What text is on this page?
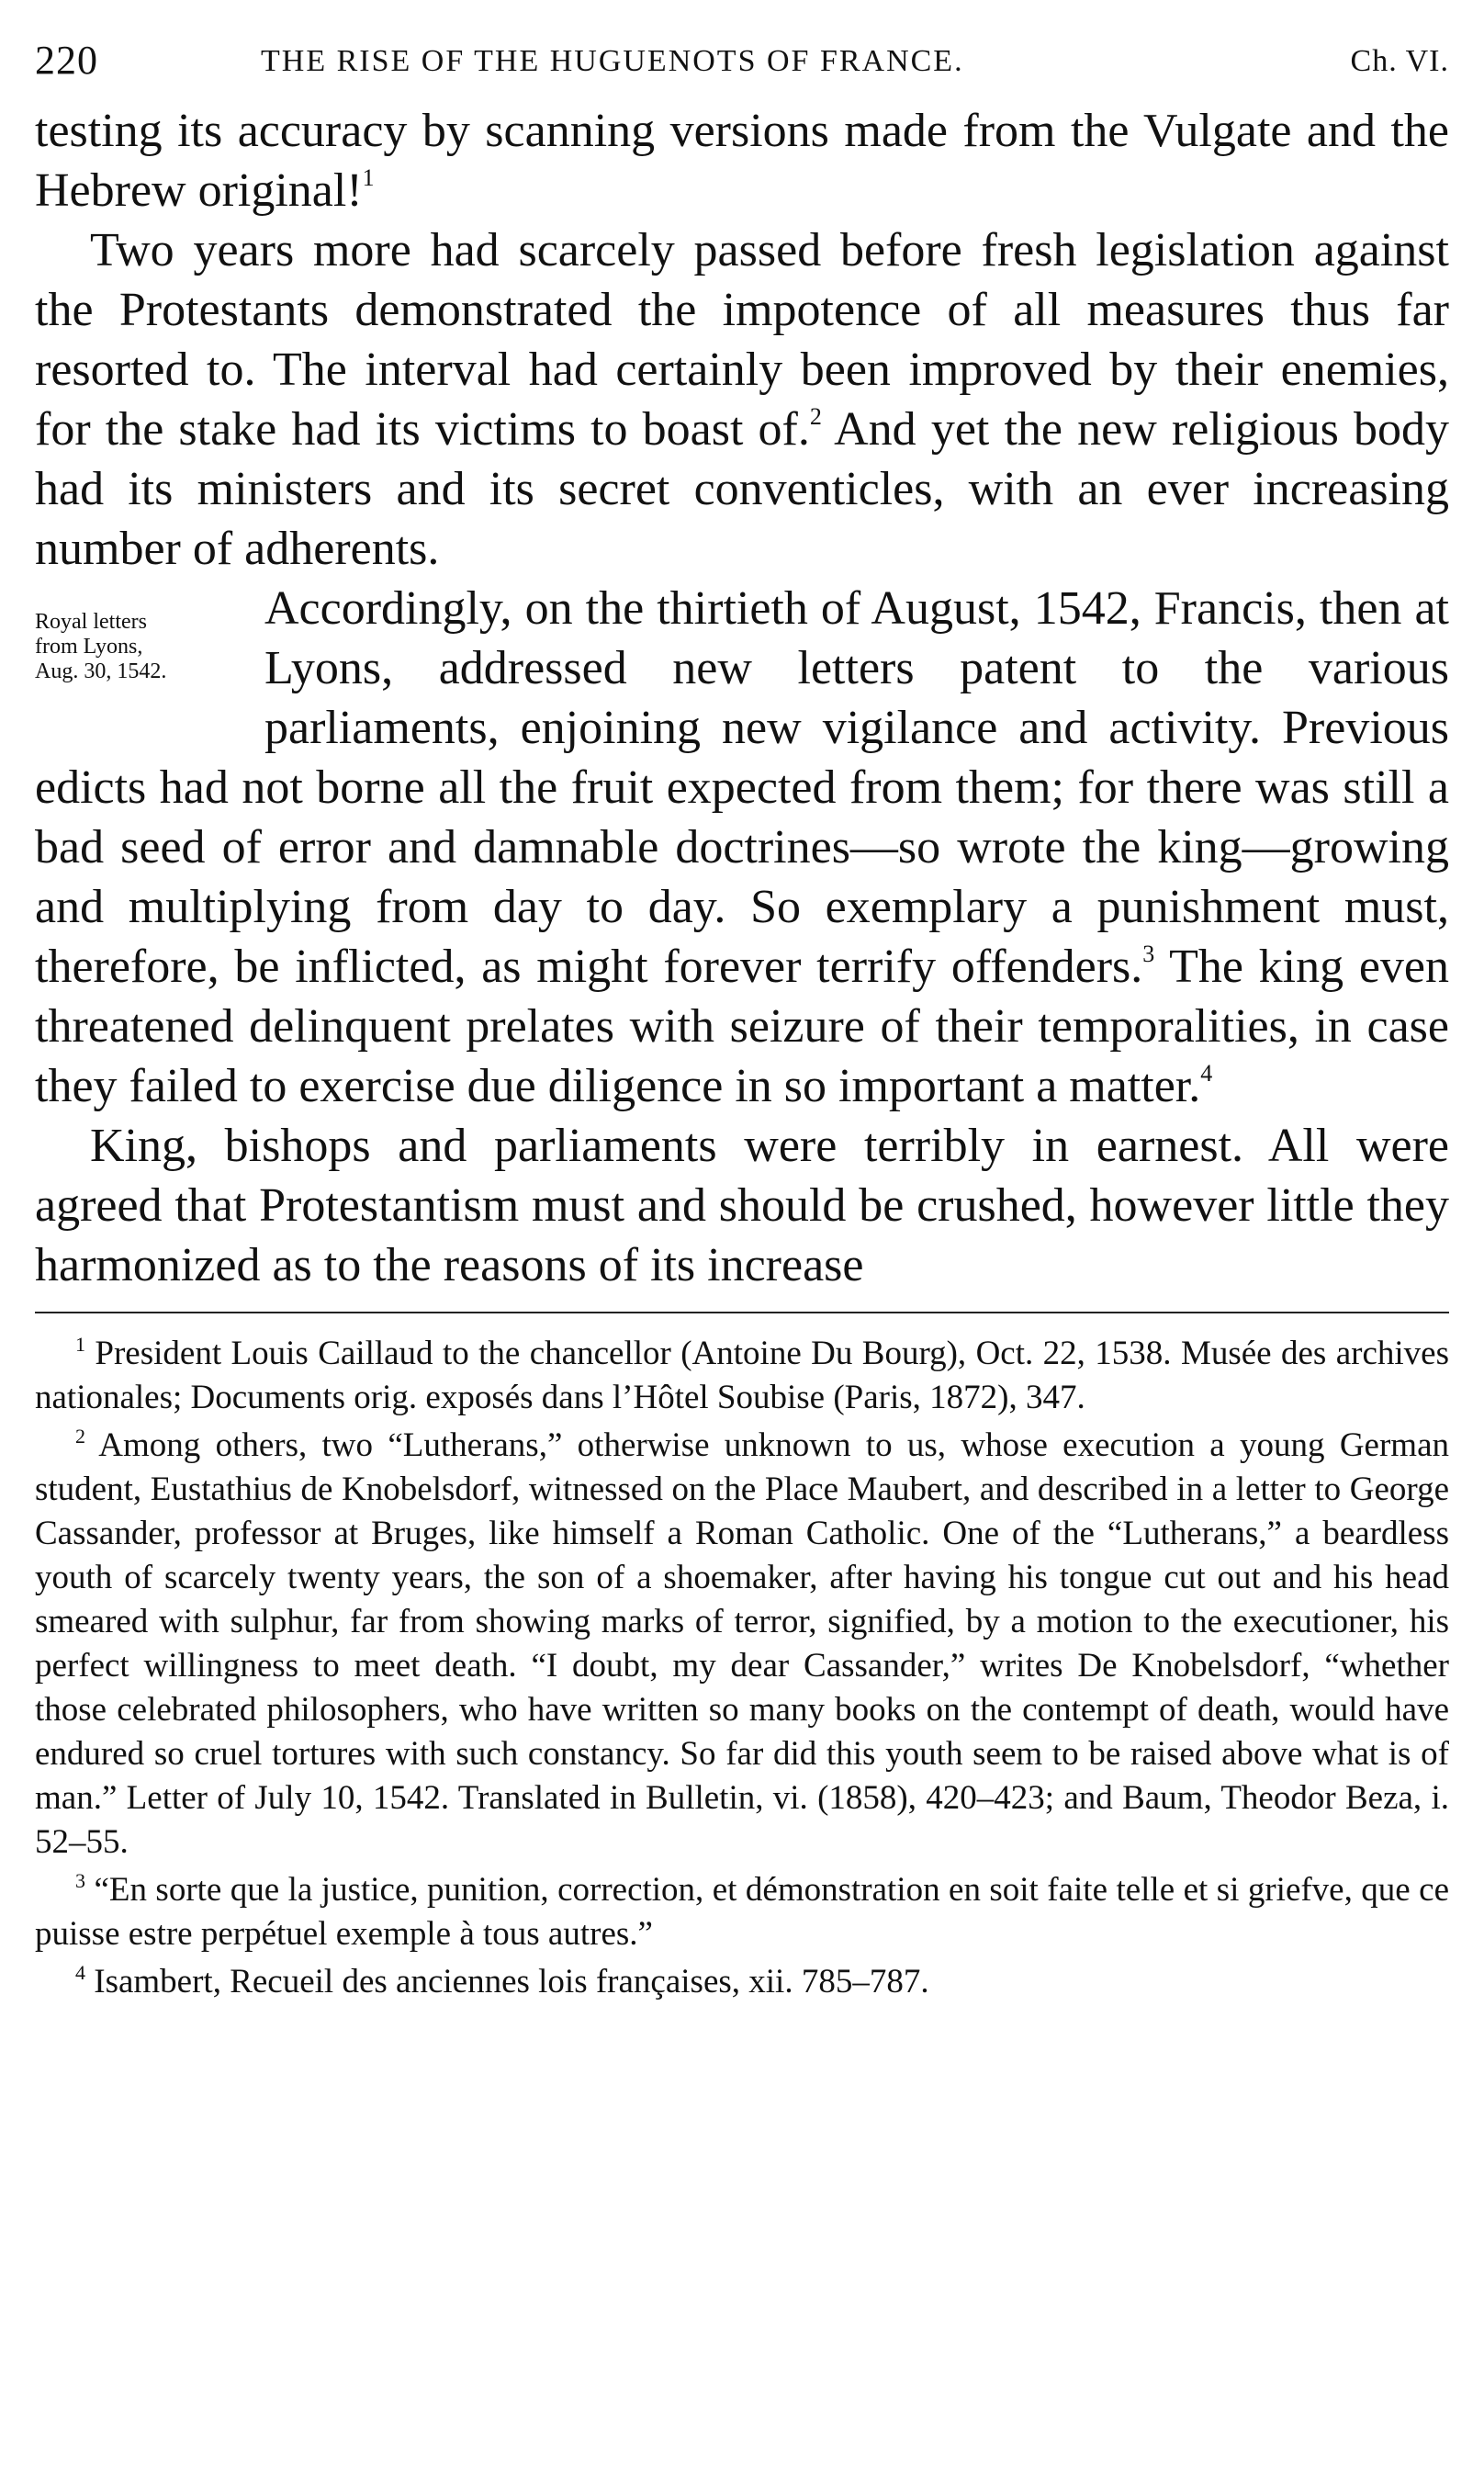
220	THE RISE OF THE HUGUENOTS OF FRANCE.	Ch. VI.

testing its accuracy by scanning versions made from the Vulgate and the Hebrew original!$^1$

Two years more had scarcely passed before fresh legislation against the Protestants demonstrated the impotence of all measures thus far resorted to. The interval had certainly been improved by their enemies, for the stake had its victims to boast of.$^2$ And yet the new religious body had its ministers and its secret conventicles, with an ever increasing number of adherents.

Royal letters
from Lyons,
Aug. 30, 1542.

Accordingly, on the thirtieth of August, 1542, Francis, then at Lyons, addressed new letters patent to the various parliaments, enjoining new vigilance and activity. Previous edicts had not borne all the fruit expected from them; for there was still a bad seed of error and damnable doctrines—so wrote the king—growing and multiplying from day to day. So exemplary a punishment must, therefore, be inflicted, as might forever terrify offenders.$^3$ The king even threatened delinquent prelates with seizure of their temporalities, in case they failed to exercise due diligence in so important a matter.$^4$

King, bishops and parliaments were terribly in earnest. All were agreed that Protestantism must and should be crushed, however little they harmonized as to the reasons of its increase

$^1$ President Louis Caillaud to the chancellor (Antoine Du Bourg), Oct. 22, 1538. Musée des archives nationales; Documents orig. exposés dans l’Hôtel Soubise (Paris, 1872), 347.

$^2$ Among others, two “Lutherans,” otherwise unknown to us, whose execution a young German student, Eustathius de Knobelsdorf, witnessed on the Place Maubert, and described in a letter to George Cassander, professor at Bruges, like himself a Roman Catholic. One of the “Lutherans,” a beardless youth of scarcely twenty years, the son of a shoemaker, after having his tongue cut out and his head smeared with sulphur, far from showing marks of terror, signified, by a motion to the executioner, his perfect willingness to meet death. “I doubt, my dear Cassander,” writes De Knobelsdorf, “whether those celebrated philosophers, who have written so many books on the contempt of death, would have endured so cruel tortures with such constancy. So far did this youth seem to be raised above what is of man.” Letter of July 10, 1542. Translated in Bulletin, vi. (1858), 420–423; and Baum, Theodor Beza, i. 52–55.

$^3$ “En sorte que la justice, punition, correction, et démonstration en soit faite telle et si griefve, que ce puisse estre perpétuel exemple à tous autres.”

$^4$ Isambert, Recueil des anciennes lois françaises, xii. 785–787.
